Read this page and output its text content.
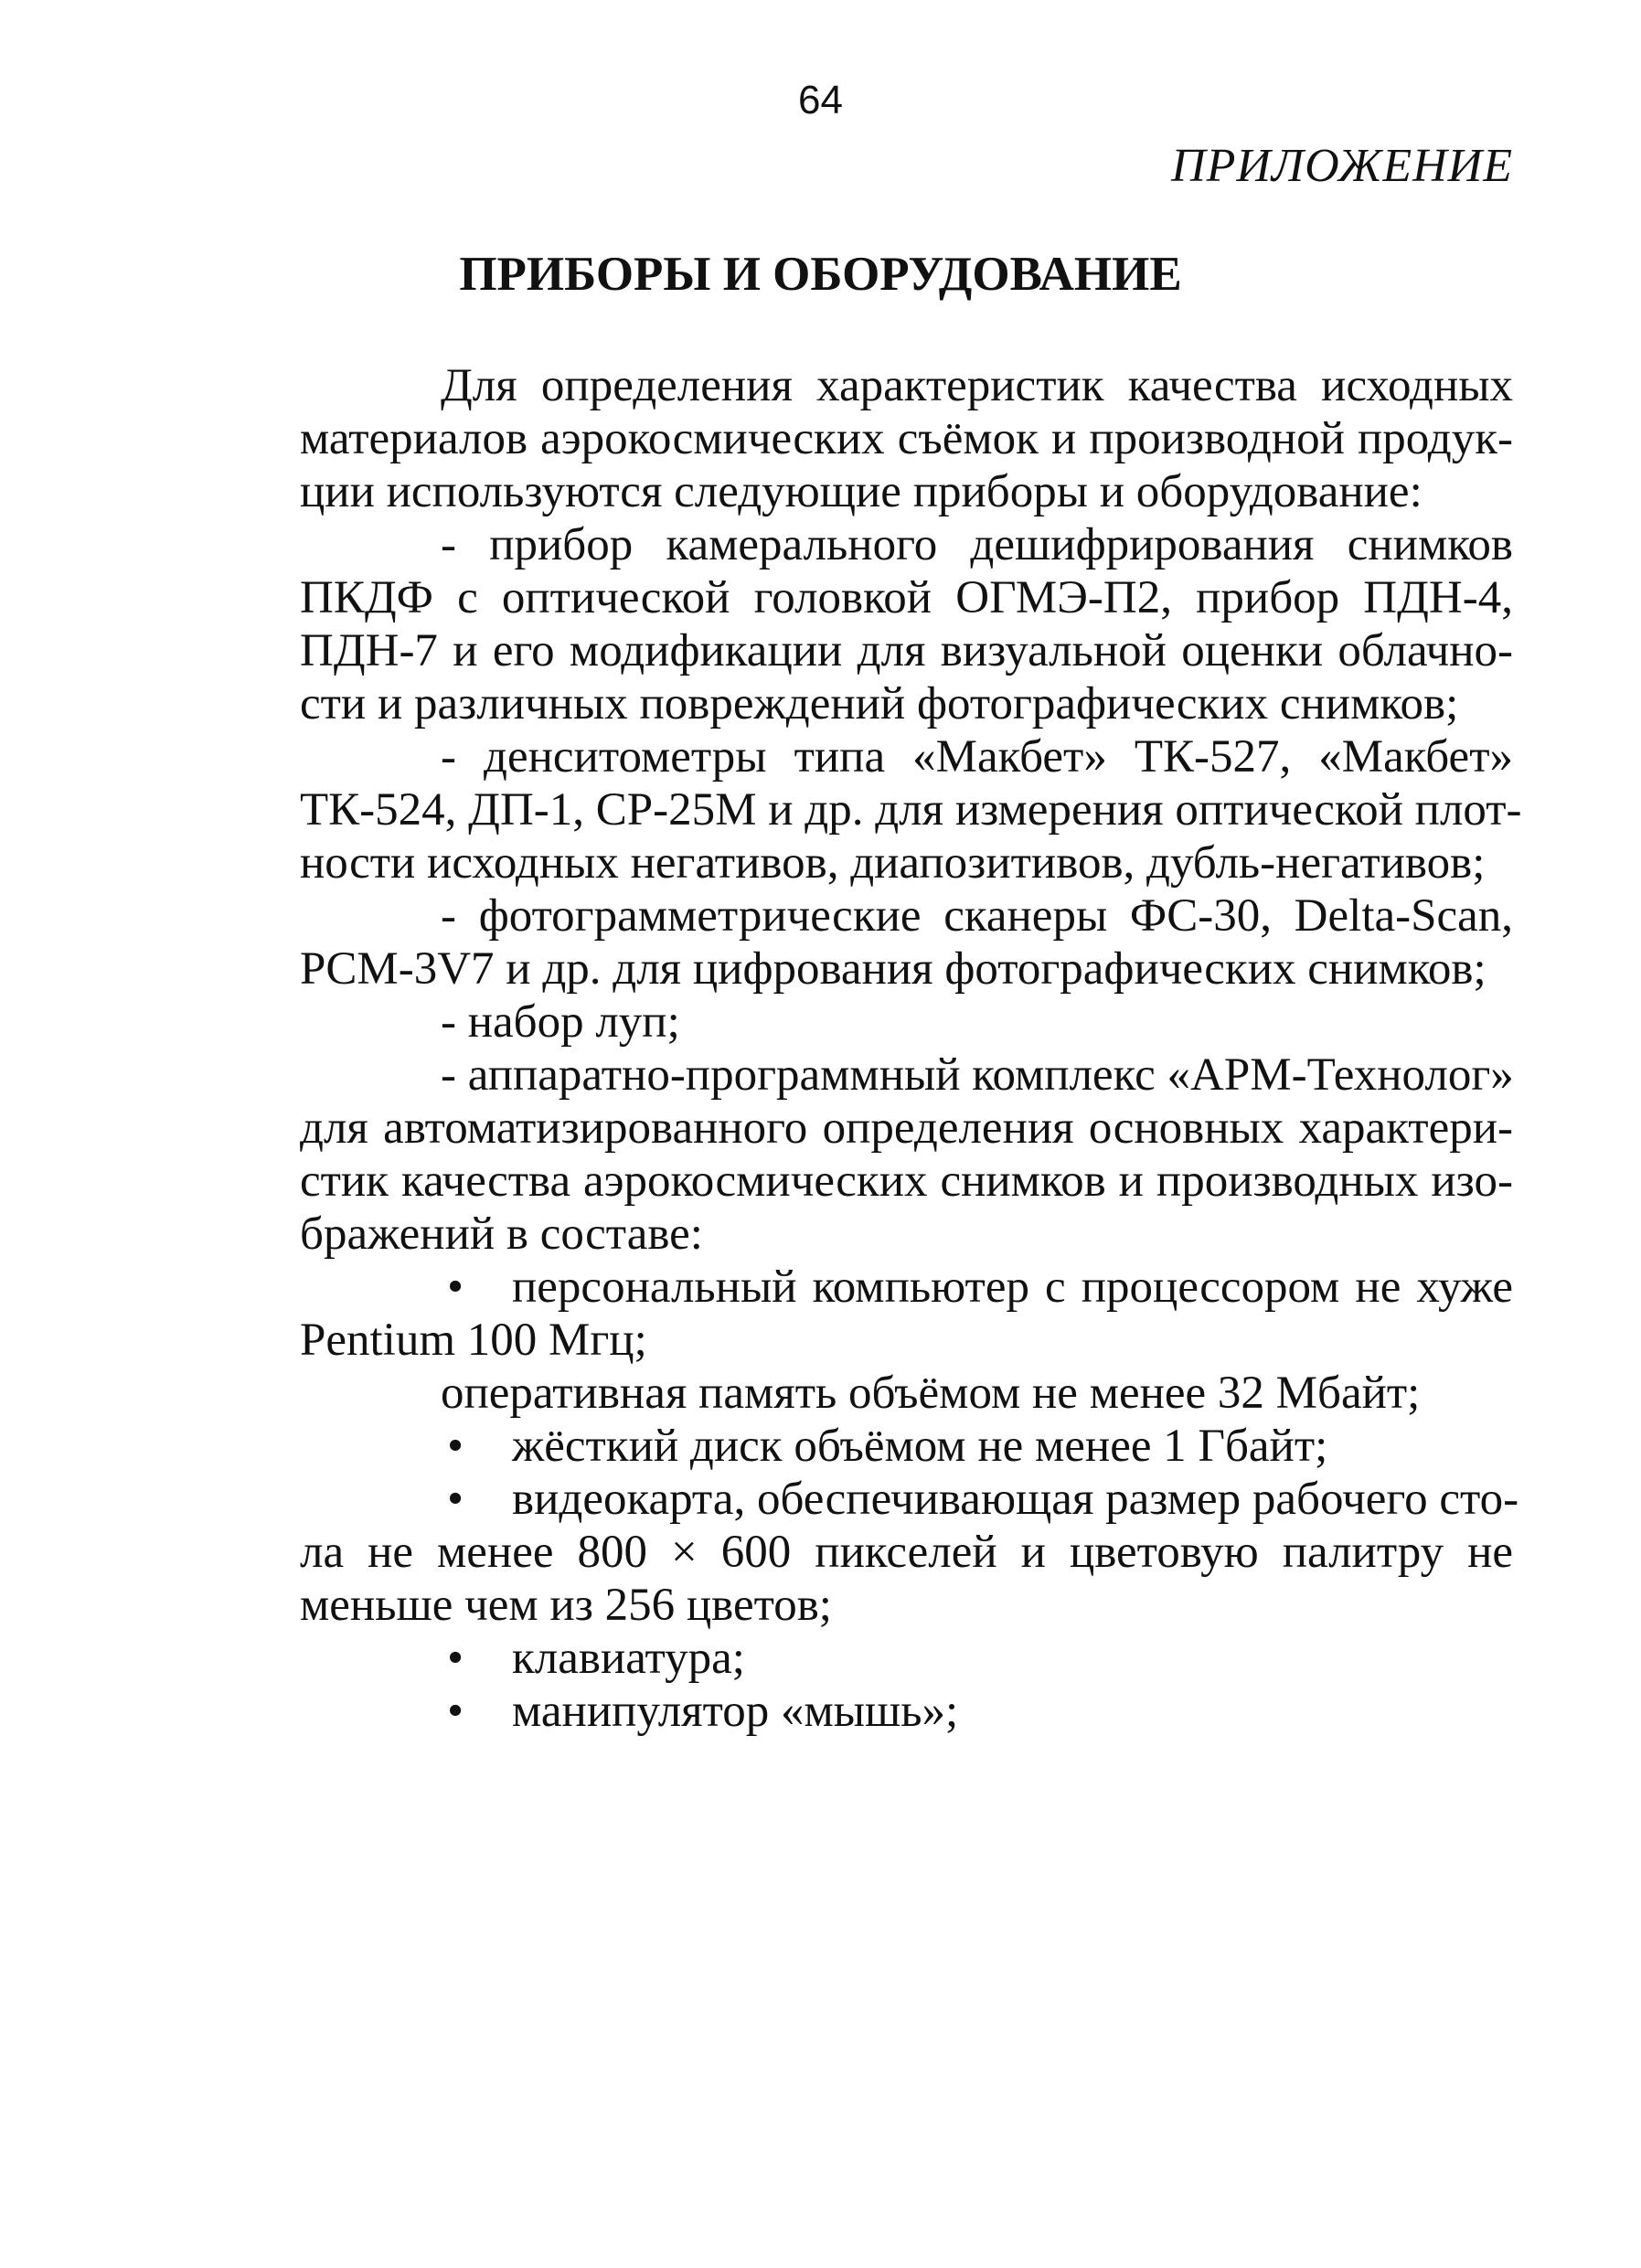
64
ПРИЛОЖЕНИЕ
ПРИБОРЫ И ОБОРУДОВАНИЕ
Для определения характеристик качества исходных
материалов аэрокосмических съёмок и производной продук-
ции используются следующие приборы и оборудование:
- прибор камерального дешифрирования снимков
ПКДФ с оптической головкой ОГМЭ-П2, прибор ПДН-4,
ПДН-7 и его модификации для визуальной оценки облачно-
сти и различных повреждений фотографических снимков;
- денситометры типа «Макбет» ТК-527, «Макбет»
ТК-524, ДП-1, СР-25М и др. для измерения оптической плот-
ности исходных негативов, диапозитивов, дубль-негативов;
- фотограмметрические сканеры ФС-30, Delta-Scan,
PCM-3V7 и др. для цифрования фотографических снимков;
- набор луп;
- аппаратно-программный комплекс «АРМ-Технолог»
для автоматизированного определения основных характери-
стик качества аэрокосмических снимков и производных изо-
бражений в составе:
• персональный компьютер с процессором не хуже
Pentium 100 Мгц;
оперативная память объёмом не менее 32 Мбайт;
• жёсткий диск объёмом не менее 1 Гбайт;
• видеокарта, обеспечивающая размер рабочего сто-
ла не менее 800 × 600 пикселей и цветовую палитру не
меньше чем из 256 цветов;
• клавиатура;
• манипулятор «мышь»;
